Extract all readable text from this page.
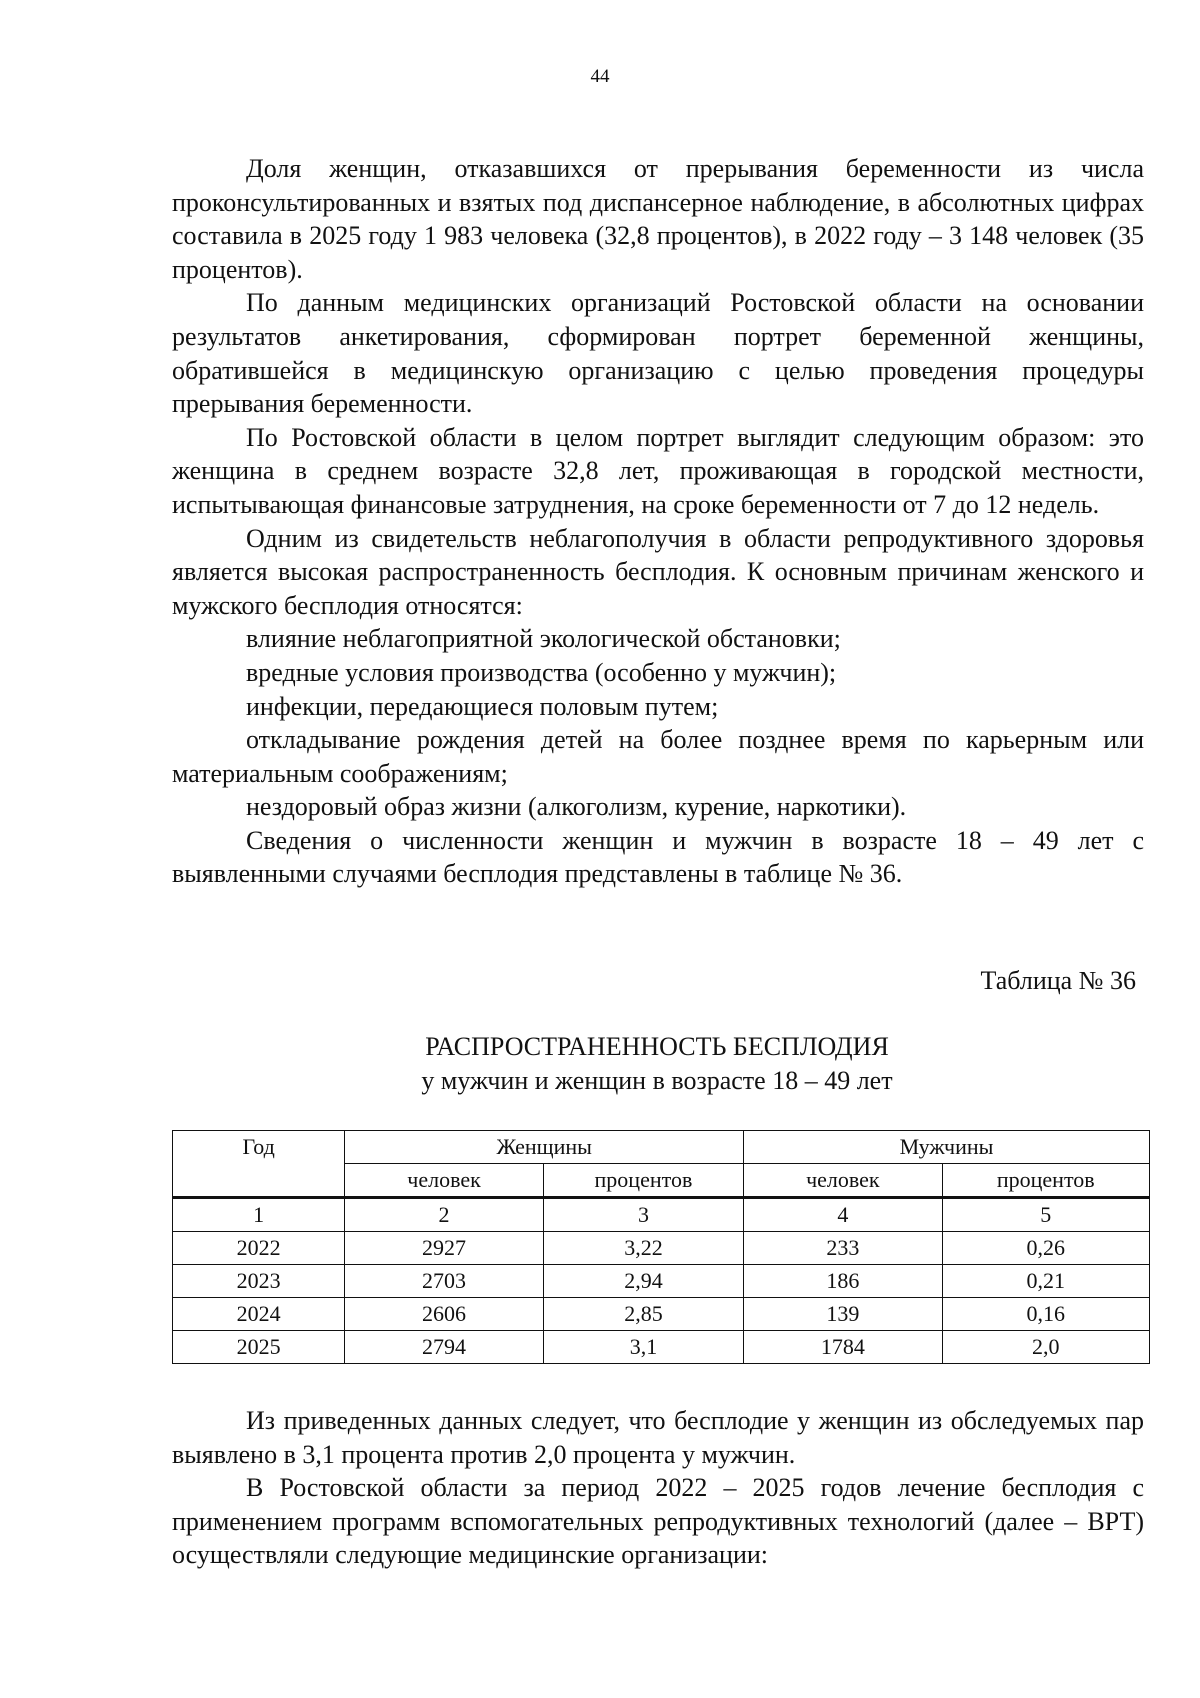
44

Доля женщин, отказавшихся от прерывания беременности из числа проконсультированных и взятых под диспансерное наблюдение, в абсолютных цифрах составила в 2025 году 1 983 человека (32,8 процентов), в 2022 году – 3 148 человек (35 процентов).

По данным медицинских организаций Ростовской области на основании результатов анкетирования, сформирован портрет беременной женщины, обратившейся в медицинскую организацию с целью проведения процедуры прерывания беременности.

По Ростовской области в целом портрет выглядит следующим образом: это женщина в среднем возрасте 32,8 лет, проживающая в городской местности, испытывающая финансовые затруднения, на сроке беременности от 7 до 12 недель.

Одним из свидетельств неблагополучия в области репродуктивного здоровья является высокая распространенность бесплодия. К основным причинам женского и мужского бесплодия относятся:

влияние неблагоприятной экологической обстановки;

вредные условия производства (особенно у мужчин);

инфекции, передающиеся половым путем;

откладывание рождения детей на более позднее время по карьерным или материальным соображениям;

нездоровый образ жизни (алкоголизм, курение, наркотики).

Сведения о численности женщин и мужчин в возрасте 18 – 49 лет с выявленными случаями бесплодия представлены в таблице № 36.

Таблица № 36
РАСПРОСТРАНЕННОСТЬ БЕСПЛОДИЯ
у мужчин и женщин в возрасте 18 – 49 лет
Год	Женщины		Мужчины	
	человек	процентов	человек	процентов
1	2	3	4	5
2022	2927	3,22	233	0,26
2023	2703	2,94	186	0,21
2024	2606	2,85	139	0,16
2025	2794	3,1	1784	2,0

Из приведенных данных следует, что бесплодие у женщин из обследуемых пар выявлено в 3,1 процента против 2,0 процента у мужчин.

В Ростовской области за период 2022 – 2025 годов лечение бесплодия с применением программ вспомогательных репродуктивных технологий (далее – ВРТ) осуществляли следующие медицинские организации:
